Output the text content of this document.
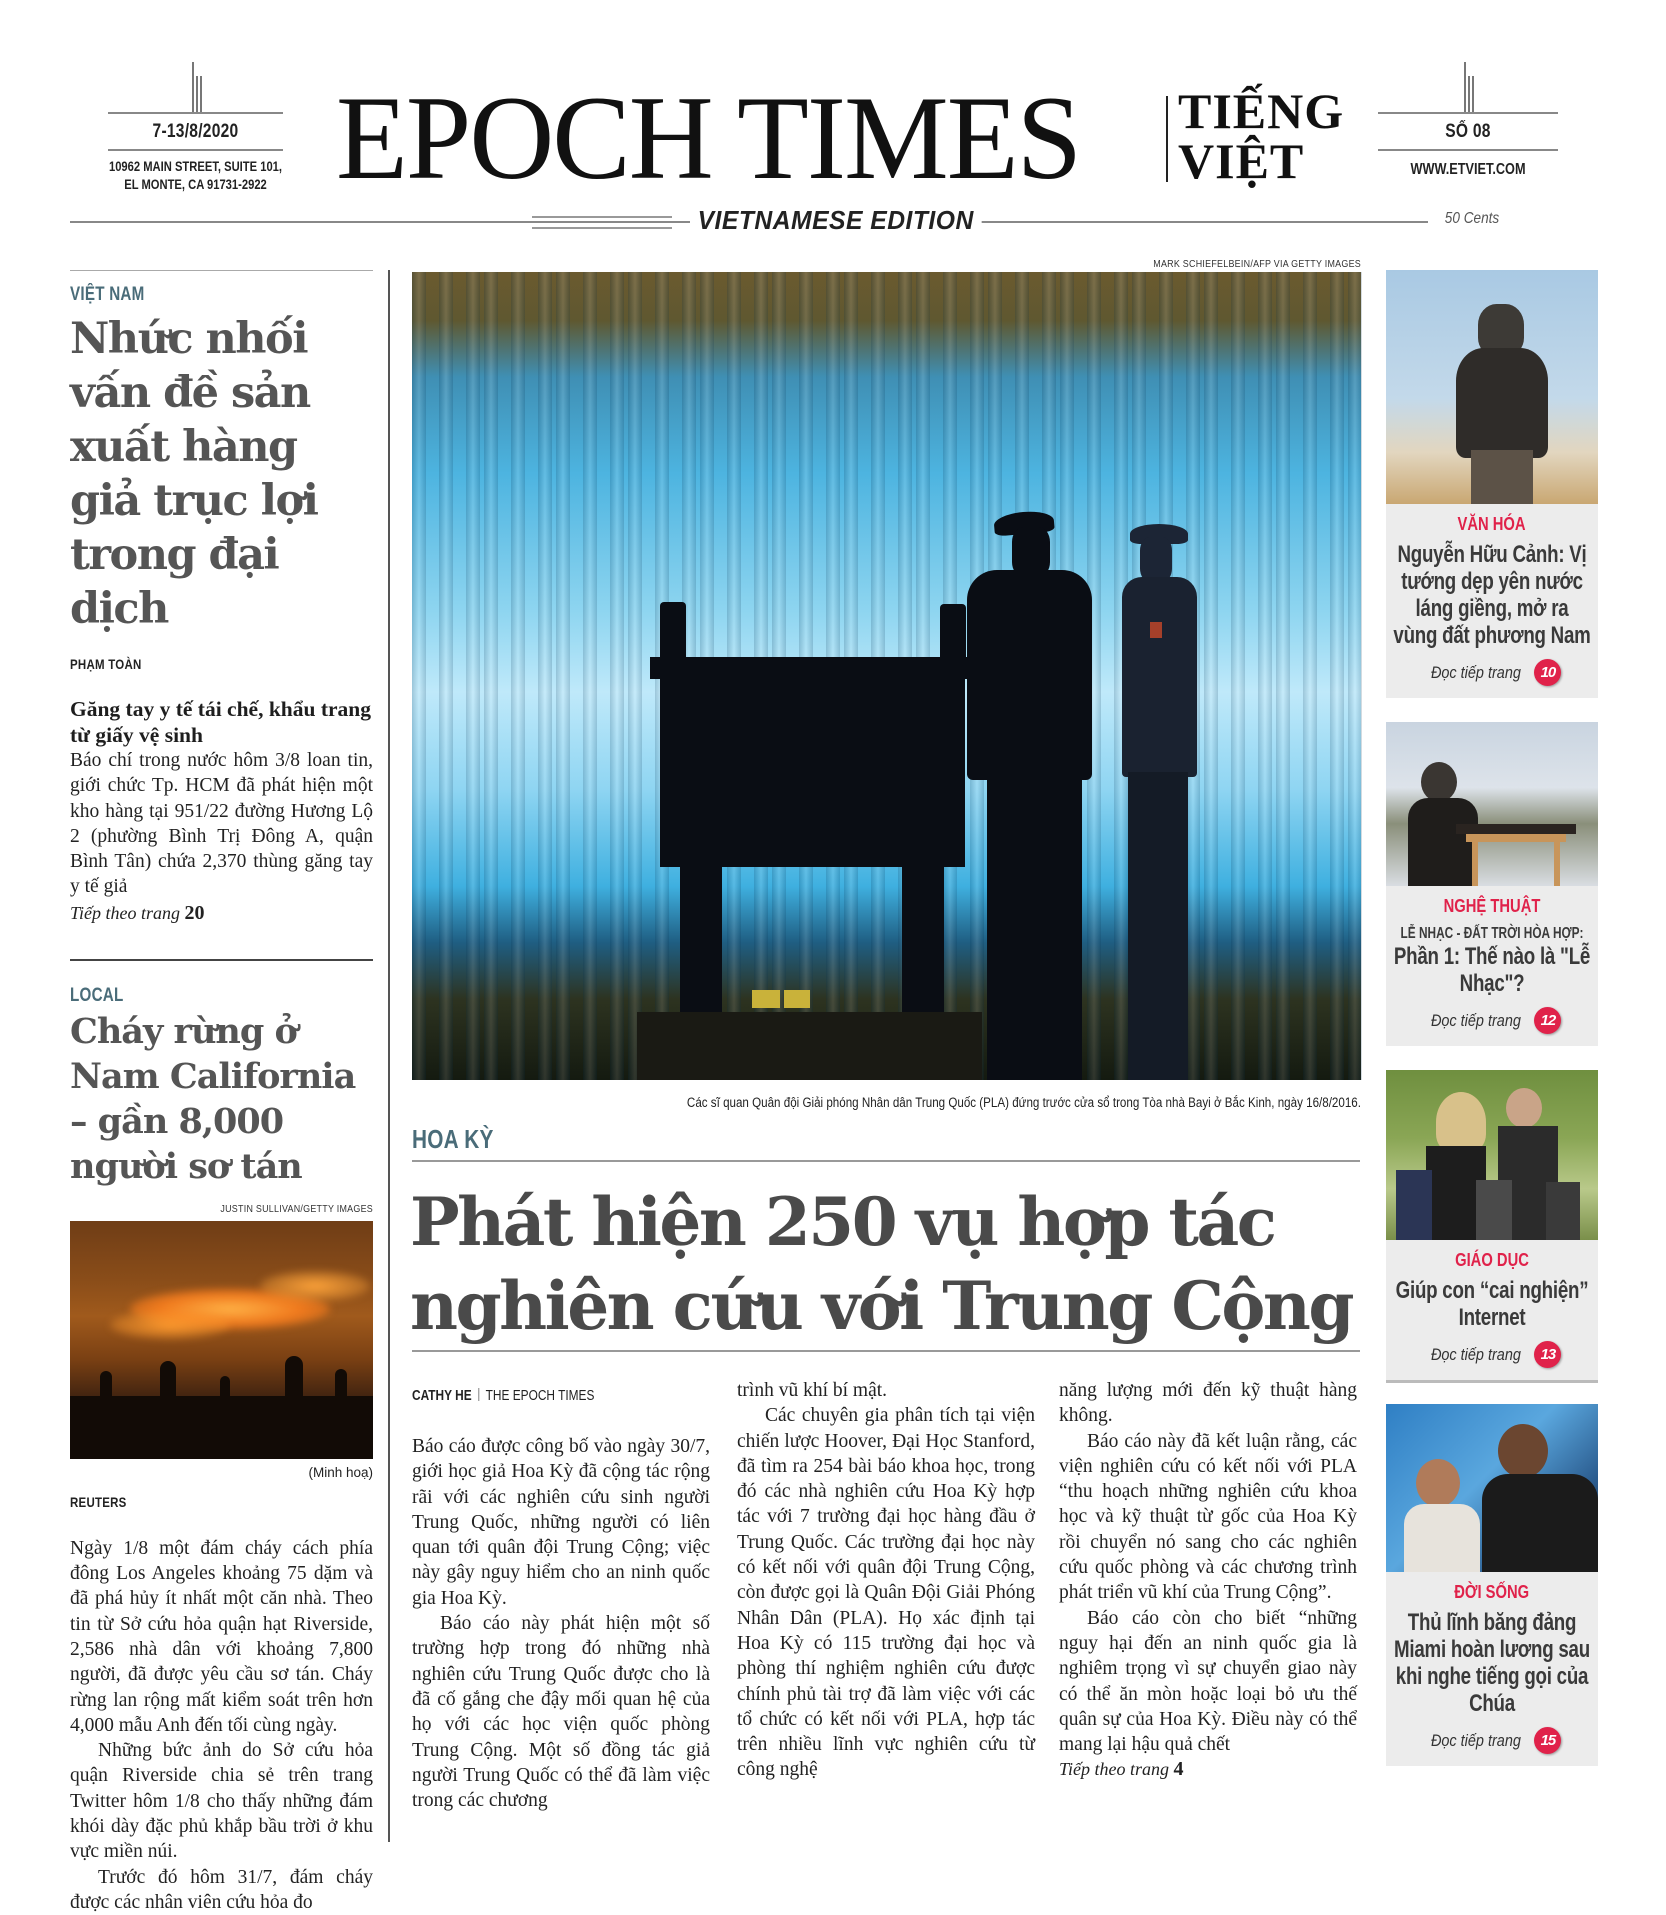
7-13/8/2020
10962 MAIN STREET, SUITE 101,
EL MONTE, CA 91731-2922 EPOCH TIMES TIẾNG
VIỆT
SỐ 08
WWW.ETVIET.COM
VIETNAMESE EDITION	50 Cents
VIỆT NAM
Nhức nhối vấn đề sản xuất hàng giả trục lợi trong đại dịch
PHẠM TOÀN
Găng tay y tế tái chế, khẩu trang từ giấy vệ sinh

Báo chí trong nước hôm 3/8 loan tin, giới chức Tp. HCM đã phát hiện một kho hàng tại 951/22 đường Hương Lộ 2 (phường Bình Trị Đông A, quận Bình Tân) chứa 2,370 thùng găng tay y tế giả

Tiếp theo trang 20
LOCAL
Cháy rừng ở Nam California – gần 8,000 người sơ tán
JUSTIN SULLIVAN/GETTY IMAGES
(Minh hoạ)
REUTERS

Ngày 1/8 một đám cháy cách phía đông Los Angeles khoảng 75 dặm và đã phá hủy ít nhất một căn nhà. Theo tin từ Sở cứu hỏa quận hạt Riverside, 2,586 nhà dân với khoảng 7,800 người, đã được yêu cầu sơ tán. Cháy rừng lan rộng mất kiểm soát trên hơn 4,000 mẫu Anh đến tối cùng ngày.

Những bức ảnh do Sở cứu hỏa quận Riverside chia sẻ trên trang Twitter hôm 1/8 cho thấy những đám khói dày đặc phủ khắp bầu trời ở khu vực miền núi.

Trước đó hôm 31/7, đám cháy được các nhân viên cứu hỏa đo

MARK SCHIEFELBEIN/AFP VIA GETTY IMAGES
Các sĩ quan Quân đội Giải phóng Nhân dân Trung Quốc (PLA) đứng trước cửa sổ trong Tòa nhà Bayi ở Bắc Kinh, ngày 16/8/2016.
HOA KỲ
Phát hiện 250 vụ hợp tác
nghiên cứu với Trung Cộng
CATHY HE THE EPOCH TIMES

Báo cáo được công bố vào ngày 30/7, giới học giả Hoa Kỳ đã cộng tác rộng rãi với các nghiên cứu sinh người Trung Quốc, những người có liên quan tới quân đội Trung Cộng; việc này gây nguy hiểm cho an ninh quốc gia Hoa Kỳ.

Báo cáo này phát hiện một số trường hợp trong đó những nhà nghiên cứu Trung Quốc được cho là đã cố gắng che đậy mối quan hệ của họ với các học viện quốc phòng Trung Cộng. Một số đồng tác giả người Trung Quốc có thể đã làm việc trong các chương

trình vũ khí bí mật.

Các chuyên gia phân tích tại viện chiến lược Hoover, Đại Học Stanford, đã tìm ra 254 bài báo khoa học, trong đó các nhà nghiên cứu Hoa Kỳ hợp tác với 7 trường đại học hàng đầu ở Trung Quốc. Các trường đại học này có kết nối với quân đội Trung Cộng, còn được gọi là Quân Đội Giải Phóng Nhân Dân (PLA). Họ xác định tại Hoa Kỳ có 115 trường đại học và phòng thí nghiệm nghiên cứu được chính phủ tài trợ đã làm việc với các tổ chức có kết nối với PLA, hợp tác trên nhiều lĩnh vực nghiên cứu từ công nghệ

năng lượng mới đến kỹ thuật hàng không.

Báo cáo này đã kết luận rằng, các viện nghiên cứu có kết nối với PLA “thu hoạch những nghiên cứu khoa học và kỹ thuật từ gốc của Hoa Kỳ rồi chuyển nó sang cho các nghiên cứu quốc phòng và các chương trình phát triển vũ khí của Trung Cộng”.

Báo cáo còn cho biết “những nguy hại đến an ninh quốc gia là nghiêm trọng vì sự chuyển giao này có thể ăn mòn hoặc loại bỏ ưu thế quân sự của Hoa Kỳ. Điều này có thể mang lại hậu quả chết

Tiếp theo trang 4
VĂN HÓA
Nguyễn Hữu Cảnh: Vị tướng dẹp yên nước láng giềng, mở ra vùng đất phương Nam
Đọc tiếp trang	10
NGHỆ THUẬT
LỄ NHẠC - ĐẤT TRỜI HÒA HỢP:
Phần 1: Thế nào là "Lễ Nhạc"?
Đọc tiếp trang	12
GIÁO DỤC
Giúp con “cai nghiện” Internet
Đọc tiếp trang	13
ĐỜI SỐNG
Thủ lĩnh băng đảng Miami hoàn lương sau khi nghe tiếng gọi của Chúa
Đọc tiếp trang	15
